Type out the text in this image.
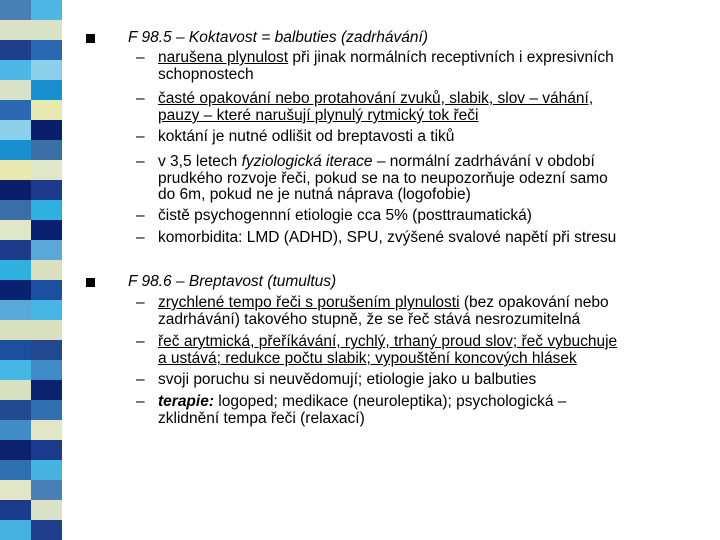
F 98.5 – Koktavost = balbuties (zadrhávání)
– narušena plynulost při jinak normálních receptivních i expresivních
schopnostech
– časté opakování nebo protahování zvuků, slabik, slov – váhání,
pauzy – které narušují plynulý rytmický tok řeči
– koktání je nutné odlišit od breptavosti a tiků
– v 3,5 letech fyziologická iterace – normální zadrhávání v období
prudkého rozvoje řeči, pokud se na to neupozorňuje odezní samo
do 6m, pokud ne je nutná náprava (logofobie)
– čistě psychogennní etiologie cca 5% (posttraumatická)
– komorbidita: LMD (ADHD), SPU, zvýšené svalové napětí při stresu
F 98.6 – Breptavost (tumultus)
– zrychlené tempo řeči s porušením plynulosti (bez opakování nebo
zadrhávání) takového stupně, že se řeč stává nesrozumitelná
– řeč arytmická, přeříkávání, rychlý, trhaný proud slov; řeč vybuchuje
a ustává; redukce počtu slabik; vypouštění koncových hlásek
– svoji poruchu si neuvědomují; etiologie jako u balbuties
– terapie: logoped; medikace (neuroleptika); psychologická –
zklidnění tempa řeči (relaxací)
